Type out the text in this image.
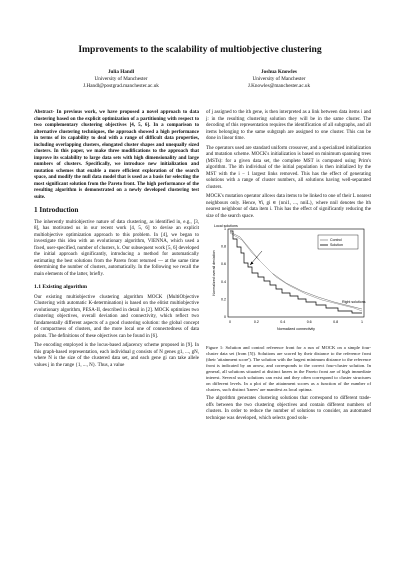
Improvements to the scalability of multiobjective clustering
Julia Handl
University of Manchester
J.Handl@postgrad.manchester.ac.uk
Joshua Knowles
University of Manchester
J.Knowles@manchester.ac.uk

Abstract- In previous work, we have proposed a novel approach to data clustering based on the explicit optimization of a partitioning with respect to two complementary clustering objectives [4, 5, 6]. In a comparison to alternative clustering techniques, the approach showed a high performance in terms of its capability to deal with a range of difficult data properties, including overlapping clusters, elongated cluster shapes and unequally sized clusters. In this paper, we make three modifications to the approach that improve its scalability to large data sets with high dimensionality and large numbers of clusters. Specifically, we introduce new initialization and mutation schemes that enable a more efficient exploration of the search space, and modify the null data model that is used as a basis for selecting the most significant solution from the Pareto front. The high performance of the resulting algorithm is demonstrated on a newly developed clustering test suite.

1 Introduction

The inherently multiobjective nature of data clustering, as identified in, e.g., [3, 8], has motivated us in our recent work [4, 5, 6] to devise an explicit multiobjective optimization approach to this problem. In [4], we began to investigate this idea with an evolutionary algorithm, VIENNA, which used a fixed, user-specified, number of clusters, k. Our subsequent work [5, 6] developed the initial approach significantly, introducing a method for automatically estimating the best solutions from the Pareto front returned — at the same time determining the number of clusters, automatically. In the following we recall the main elements of the latter, briefly.

1.1 Existing algorithm

Our existing multiobjective clustering algorithm MOCK (MultiObjective Clustering with automatic K-determination) is based on the elitist multiobjective evolutionary algorithm, PESA-II, described in detail in [2]. MOCK optimizes two clustering objectives, overall deviation and connectivity, which reflect two fundamentally different aspects of a good clustering solution: the global concept of compactness of clusters, and the more local one of connectedness of data points. The definitions of these objectives can be found in [6].

The encoding employed is the locus-based adjacency scheme proposed in [9]. In this graph-based representation, each individual g consists of N genes g1, ..., gN, where N is the size of the clustered data set, and each gene gi can take allele values j in the range {1, ..., N}. Thus, a value

of j assigned to the ith gene, is then interpreted as a link between data items i and j: in the resulting clustering solution they will be in the same cluster. The decoding of this representation requires the identification of all subgraphs, and all items belonging to the same subgraph are assigned to one cluster. This can be done in linear time.

The operators used are standard uniform crossover, and a specialized initialization and mutation scheme. MOCK's initialization is based on minimum spanning trees (MSTs): for a given data set, the complete MST is computed using Prim's algorithm. The ith individual of the initial population is then initialized by the MST with the i − 1 largest links removed. This has the effect of generating solutions with a range of cluster numbers, all solutions having well-separated clusters.

MOCK's mutation operator allows data items to be linked to one of their L nearest neighbours only. Hence, ∀i, gi ∈ {nni1, ..., nniL}, where nnil denotes the lth nearest neighbour of data item i. This has the effect of significantly reducing the size of the search space.

Local solutions
Right solutions
Control
Solution
0	0.2	0.4	0.6	0.8	1
Normalized connectivity
0
0.2
0.4
0.6
0.8
1
Normalized overall deviation

Figure 1: Solution and control reference front for a run of MOCK on a simple four-cluster data set (from [5]). Solutions are scored by their distance to the reference front (their 'attainment score'). The solution with the largest minimum distance to the reference front is indicated by an arrow, and corresponds to the correct four-cluster solution. In general, all solutions situated at distinct knees in the Pareto front are of high immediate interest. Several such solutions can exist and they often correspond to cluster structures on different levels. In a plot of the attainment scores as a function of the number of clusters, such distinct 'knees' are manifest as local optima.

The algorithm generates clustering solutions that correspond to different trade-offs between the two clustering objectives and contain different numbers of clusters. In order to reduce the number of solutions to consider, an automated technique was developed, which selects good solu-
